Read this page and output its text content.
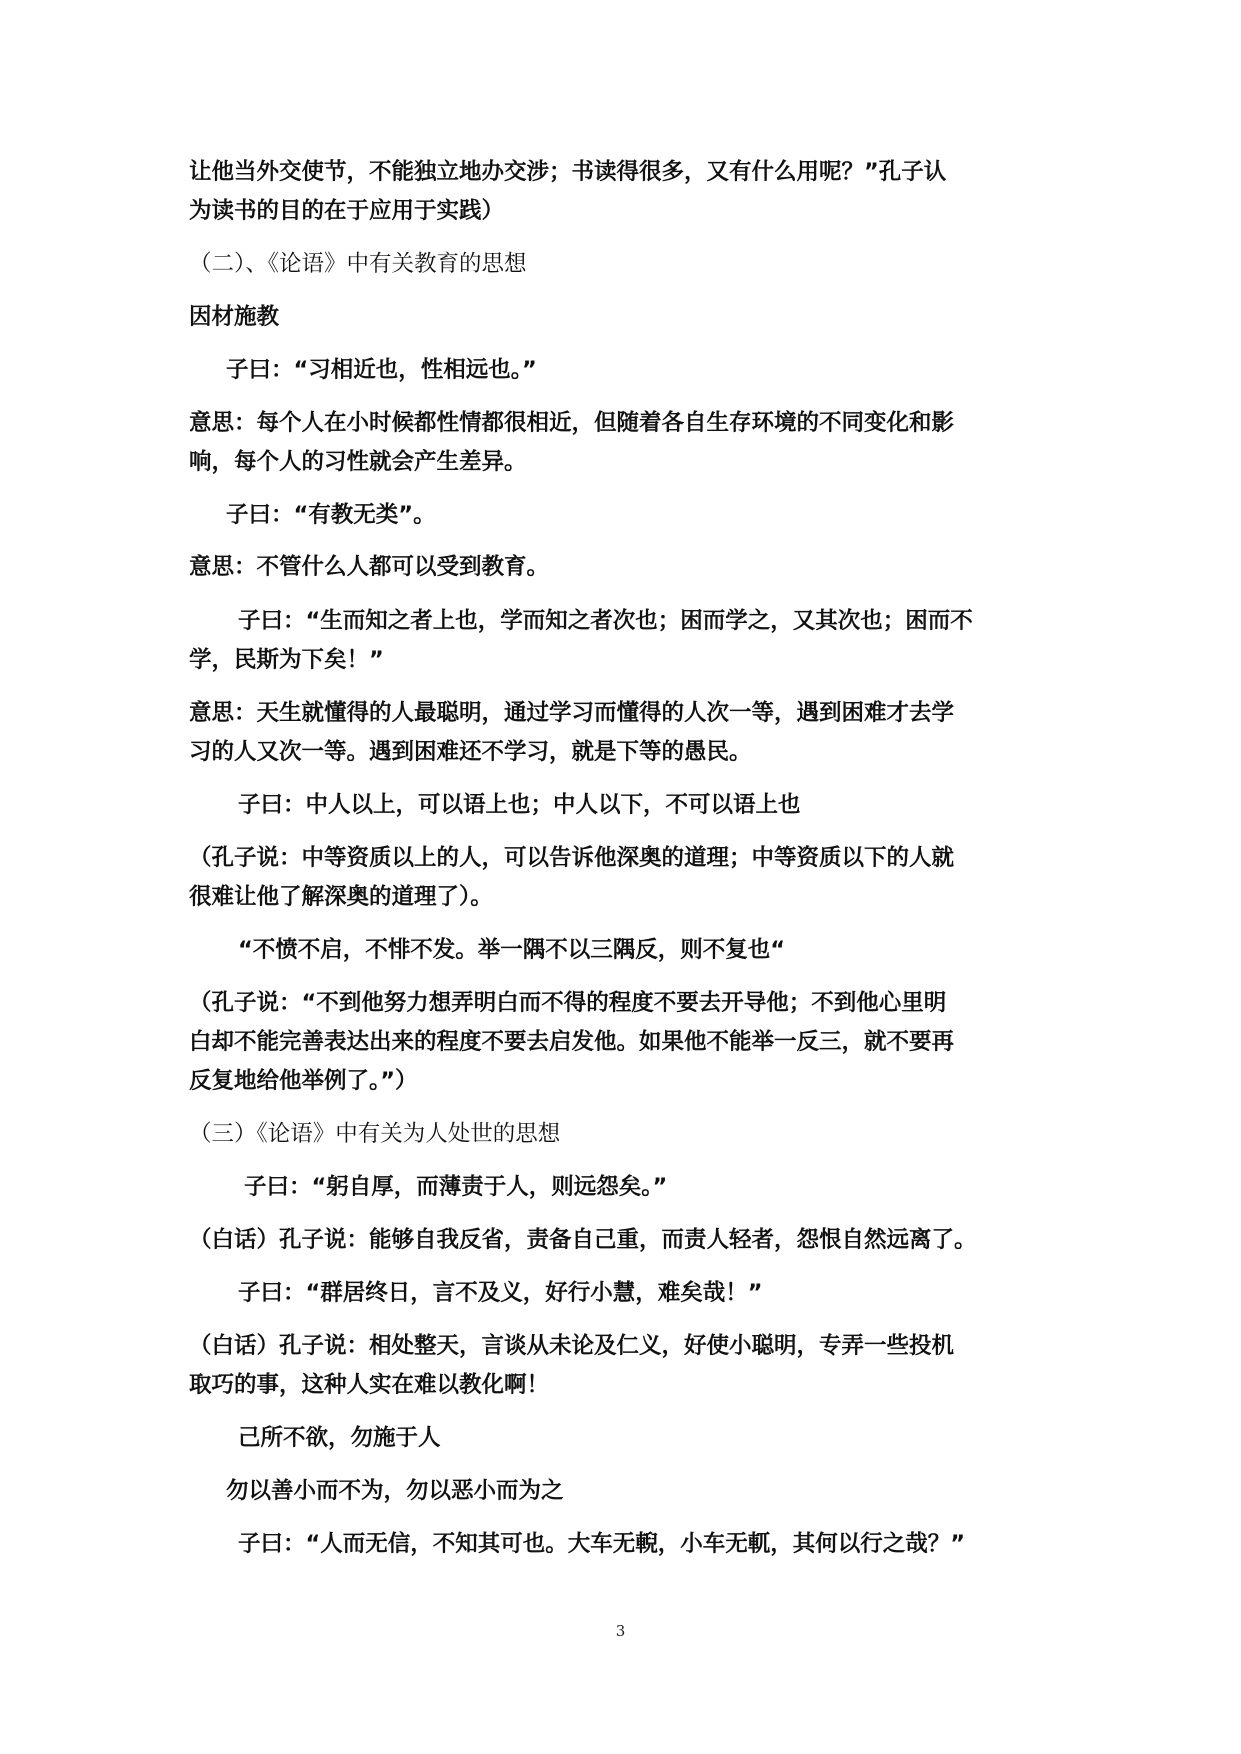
让他当外交使节，不能独立地办交涉；书读得很多，又有什么用呢？”孔子认
为读书的目的在于应用于实践）
（二）、《论语》中有关教育的思想
因材施教
子曰：“习相近也，性相远也。”
意思：每个人在小时候都性情都很相近，但随着各自生存环境的不同变化和影
响，每个人的习性就会产生差异。
子曰：“有教无类”。
意思：不管什么人都可以受到教育。
子曰：“生而知之者上也，学而知之者次也；困而学之，又其次也；困而不
学，民斯为下矣！”
意思：天生就懂得的人最聪明，通过学习而懂得的人次一等，遇到困难才去学
习的人又次一等。遇到困难还不学习，就是下等的愚民。
子曰：中人以上，可以语上也；中人以下，不可以语上也
（孔子说：中等资质以上的人，可以告诉他深奥的道理；中等资质以下的人就
很难让他了解深奥的道理了）。
“不愤不启，不悱不发。举一隅不以三隅反，则不复也“
（孔子说：“不到他努力想弄明白而不得的程度不要去开导他；不到他心里明
白却不能完善表达出来的程度不要去启发他。如果他不能举一反三，就不要再
反复地给他举例了。”）
（三）《论语》中有关为人处世的思想
子曰：“躬自厚，而薄责于人，则远怨矣。”
（白话）孔子说：能够自我反省，责备自己重，而责人轻者，怨恨自然远离了。
子曰：“群居终日，言不及义，好行小慧，难矣哉！”
（白话）孔子说：相处整天，言谈从未论及仁义，好使小聪明，专弄一些投机
取巧的事，这种人实在难以教化啊！
己所不欲，勿施于人
勿以善小而不为，勿以恶小而为之
子曰：“人而无信，不知其可也。大车无輗，小车无軏，其何以行之哉？”
3
